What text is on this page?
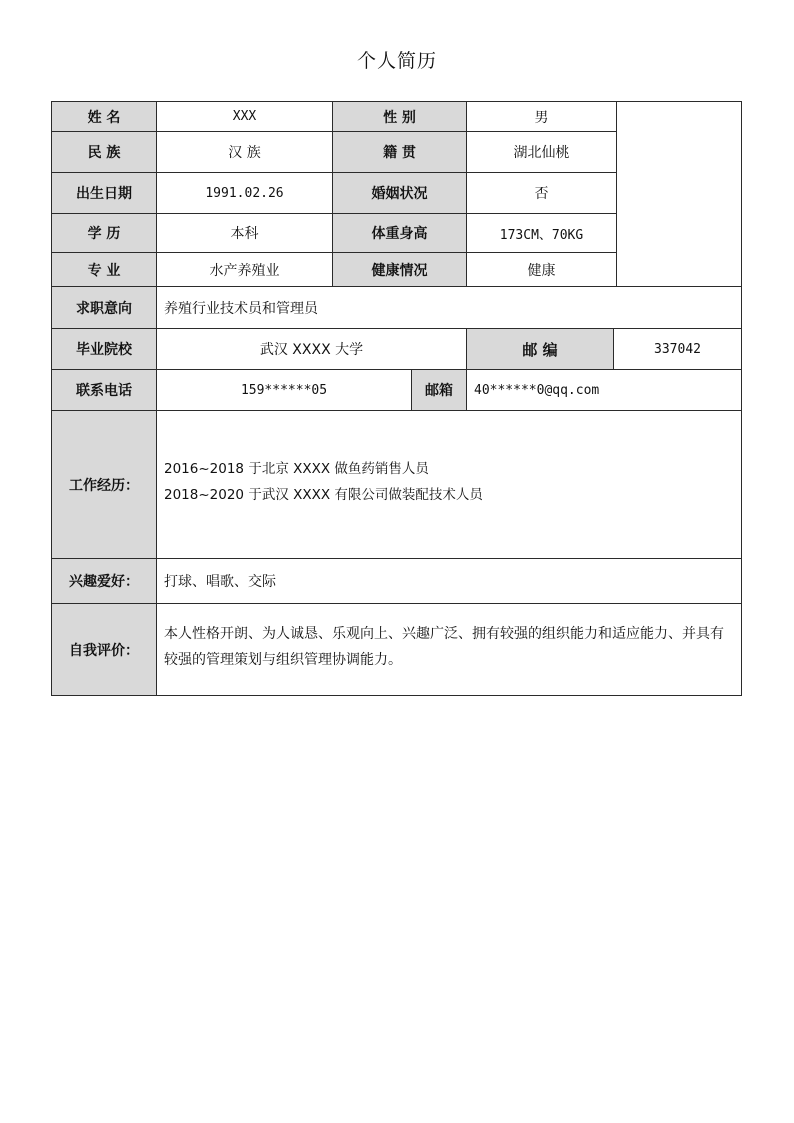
个人简历
姓 名	XXX	性 别	男
民 族	汉 族	籍 贯	湖北仙桃
出生日期	1991.02.26	婚姻状况	否
学 历	本科	体重身高	173CM、70KG
专 业	水产养殖业	健康情况	健康
求职意向	养殖行业技术员和管理员
毕业院校	武汉 XXXX 大学	邮 编	337042
联系电话	159******05	邮箱	40******0@qq.com
工作经历：
2016~2018 于北京 XXXX 做鱼药销售人员
2018~2020 于武汉 XXXX 有限公司做装配技术人员
兴趣爱好：	打球、唱歌、交际
自我评价：
本人性格开朗、为人诚恳、乐观向上、兴趣广泛、拥有较强的组织能力和适应能力、并具有
较强的管理策划与组织管理协调能力。
